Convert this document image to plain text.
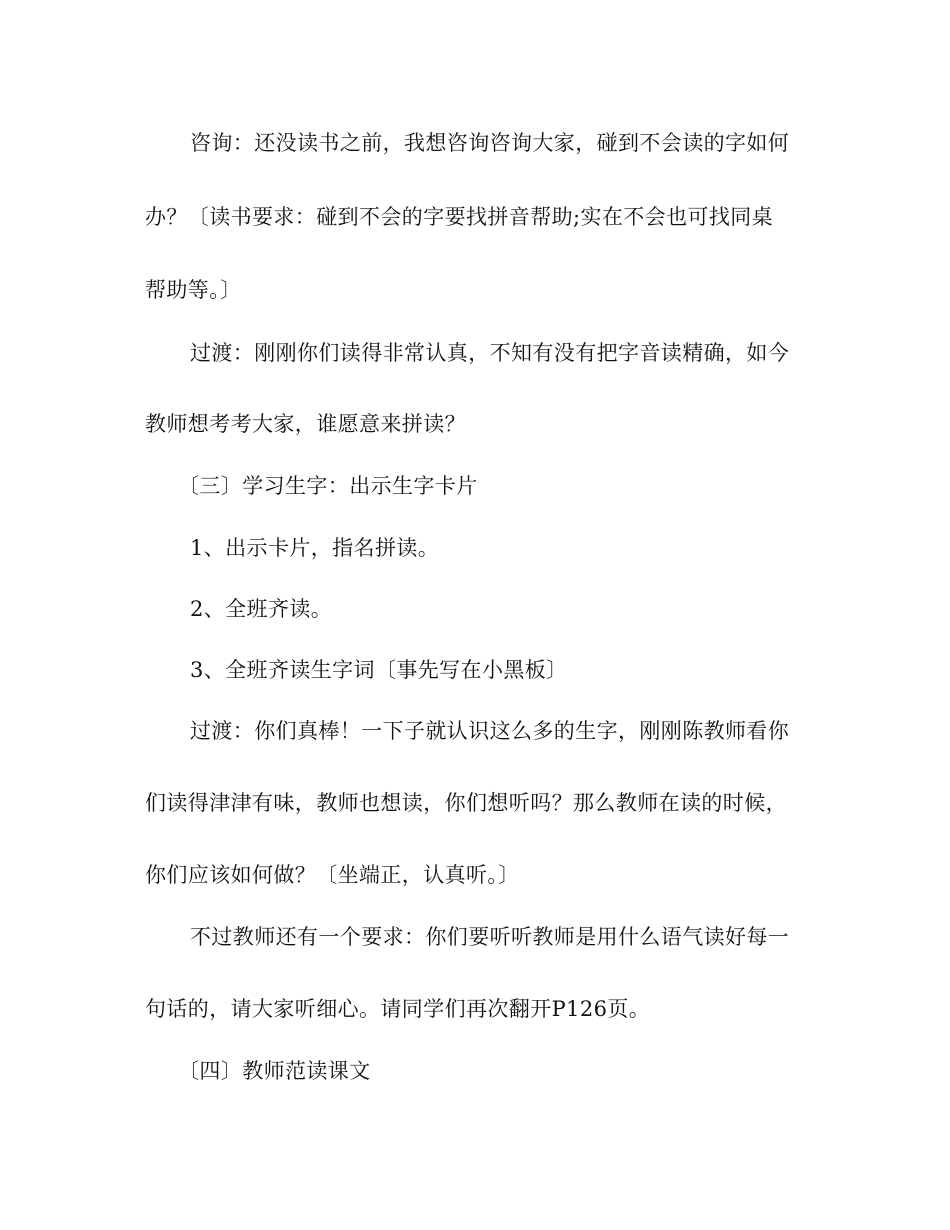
咨询：还没读书之前，我想咨询咨询大家，碰到不会读的字如何
办？〔读书要求：碰到不会的字要找拼音帮助;实在不会也可找同桌
帮助等。〕
过渡：刚刚你们读得非常认真，不知有没有把字音读精确，如今
教师想考考大家，谁愿意来拼读？
〔三〕学习生字：出示生字卡片
1、出示卡片，指名拼读。
2、全班齐读。
3、全班齐读生字词〔事先写在小黑板〕
过渡：你们真棒！一下子就认识这么多的生字，刚刚陈教师看你
们读得津津有味，教师也想读，你们想听吗？那么教师在读的时候，
你们应该如何做？〔坐端正，认真听。〕
不过教师还有一个要求：你们要听听教师是用什么语气读好每一
句话的，请大家听细心。请同学们再次翻开P126页。
〔四〕教师范读课文
